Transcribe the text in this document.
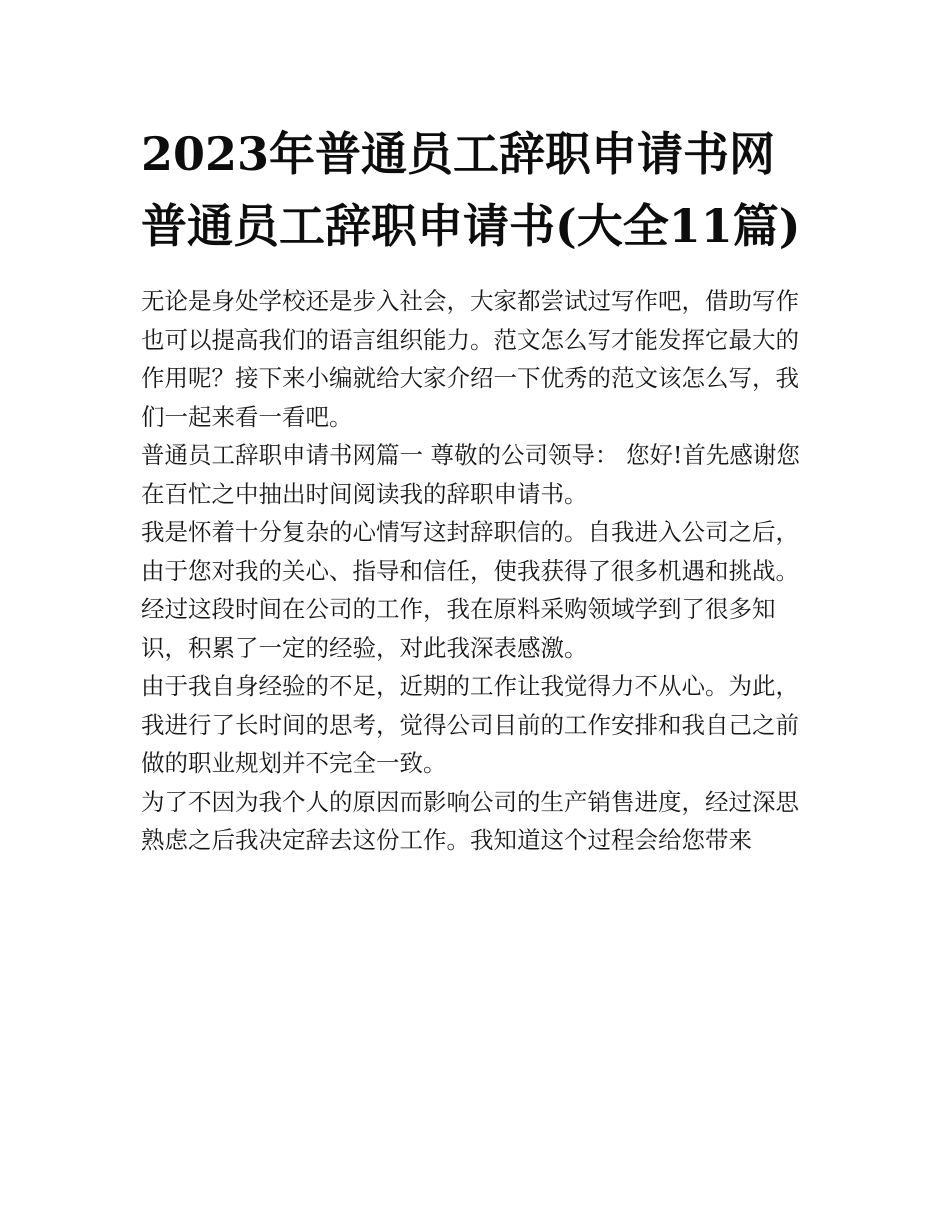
2023年普通员工辞职申请书网普通员工辞职申请书(大全11篇)

无论是身处学校还是步入社会，大家都尝试过写作吧，借助写作也可以提高我们的语言组织能力。范文怎么写才能发挥它最大的作用呢？接下来小编就给大家介绍一下优秀的范文该怎么写，我们一起来看一看吧。

普通员工辞职申请书网篇一 尊敬的公司领导： 您好!首先感谢您在百忙之中抽出时间阅读我的辞职申请书。

我是怀着十分复杂的心情写这封辞职信的。自我进入公司之后，由于您对我的关心、指导和信任，使我获得了很多机遇和挑战。经过这段时间在公司的工作，我在原料采购领域学到了很多知识，积累了一定的经验，对此我深表感激。

由于我自身经验的不足，近期的工作让我觉得力不从心。为此，我进行了长时间的思考，觉得公司目前的工作安排和我自己之前做的职业规划并不完全一致。

为了不因为我个人的原因而影响公司的生产销售进度，经过深思熟虑之后我决定辞去这份工作。我知道这个过程会给您带来
